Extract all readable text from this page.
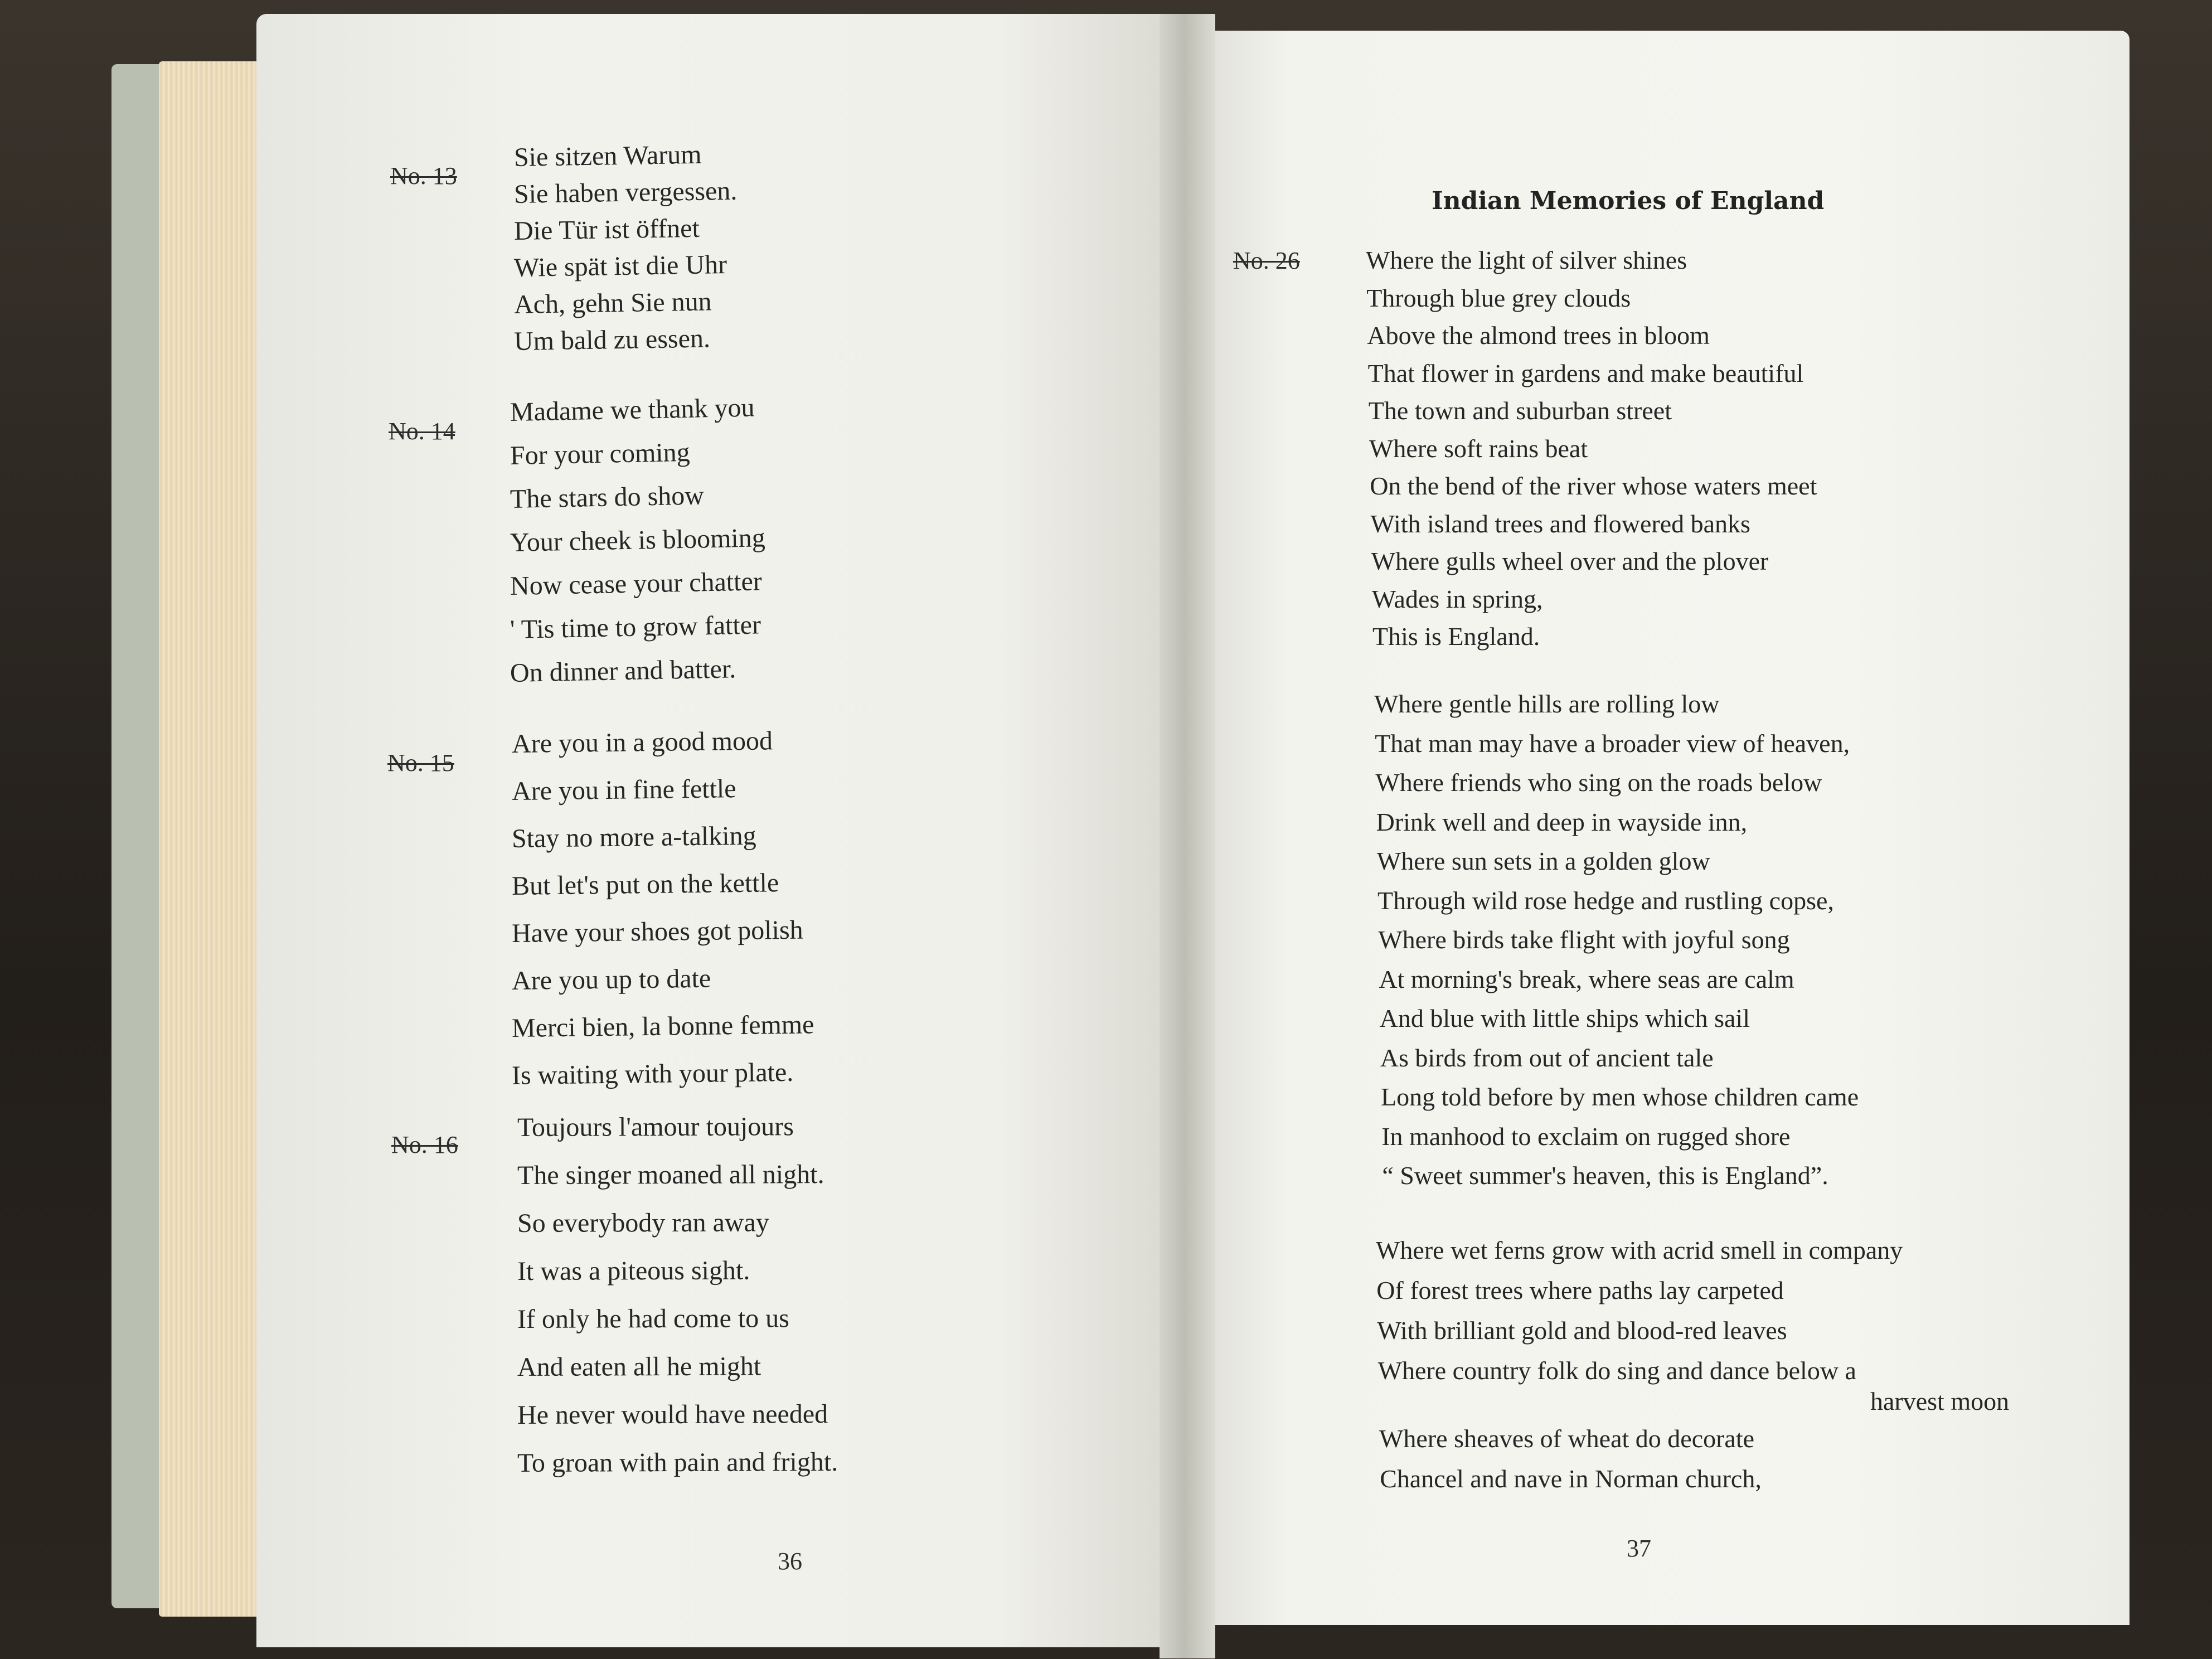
No. 13
Sie sitzen Warum
Sie haben vergessen.
Die Tür ist öffnet
Wie spät ist die Uhr
Ach, gehn Sie nun
Um bald zu essen.
No. 14
Madame we thank you
For your coming
The stars do show
Your cheek is blooming
Now cease your chatter
' Tis time to grow fatter
On dinner and batter.
No. 15
Are you in a good mood
Are you in fine fettle
Stay no more a-talking
But let's put on the kettle
Have your shoes got polish
Are you up to date
Merci bien, la bonne femme
Is waiting with your plate.
No. 16
Toujours l'amour toujours
The singer moaned all night.
So everybody ran away
It was a piteous sight.
If only he had come to us
And eaten all he might
He never would have needed
To groan with pain and fright.
36
Indian Memories of England
No. 26	Where the light of silver shines
Through blue grey clouds
Above the almond trees in bloom
That flower in gardens and make beautiful
The town and suburban street
Where soft rains beat
On the bend of the river whose waters meet
With island trees and flowered banks
Where gulls wheel over and the plover
Wades in spring,
This is England.
Where gentle hills are rolling low
That man may have a broader view of heaven,
Where friends who sing on the roads below
Drink well and deep in wayside inn,
Where sun sets in a golden glow
Through wild rose hedge and rustling copse,
Where birds take flight with joyful song
At morning's break, where seas are calm
And blue with little ships which sail
As birds from out of ancient tale
Long told before by men whose children came
In manhood to exclaim on rugged shore
“ Sweet summer's heaven, this is England”.
Where wet ferns grow with acrid smell in company
Of forest trees where paths lay carpeted
With brilliant gold and blood-red leaves
Where country folk do sing and dance below a
harvest moon
Where sheaves of wheat do decorate
Chancel and nave in Norman church,
37
